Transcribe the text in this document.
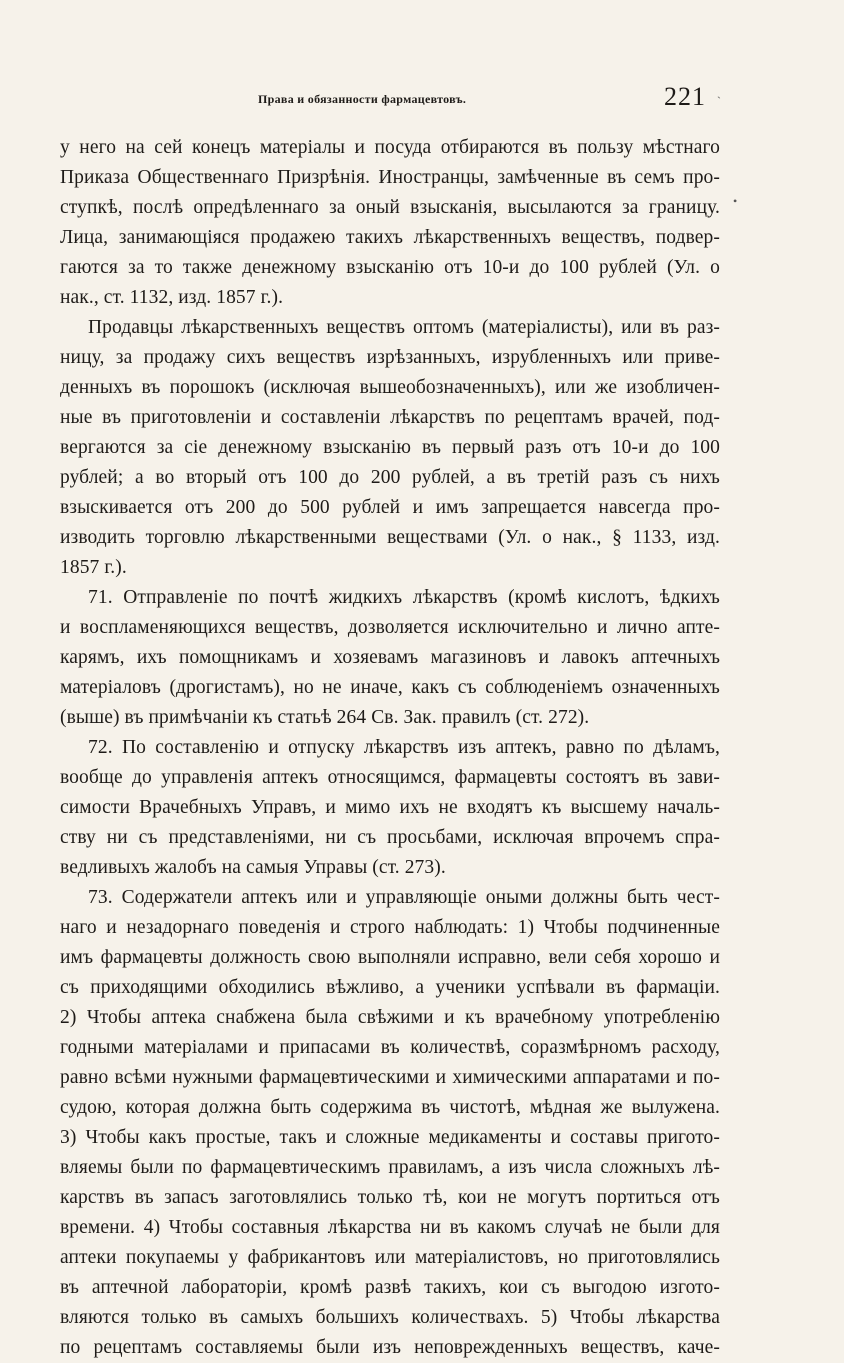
Права и обязанности фармацевтовъ.	221
у него на сей конецъ матеріалы и посуда отбираются въ пользу мѣстнаго
Приказа Общественнаго Призрѣнія. Иностранцы, замѣченные въ семъ про-
ступкѣ, послѣ опредѣленнаго за оный взысканія, высылаются за границу.
Лица, занимающіяся продажею такихъ лѣкарственныхъ веществъ, подвер-
гаются за то также денежному взысканію отъ 10-и до 100 рублей (Ул. о
нак., ст. 1132, изд. 1857 г.).
Продавцы лѣкарственныхъ веществъ оптомъ (матеріалисты), или въ раз-
ницу, за продажу сихъ веществъ изрѣзанныхъ, изрубленныхъ или приве-
денныхъ въ порошокъ (исключая вышеобозначенныхъ), или же изобличен-
ные въ приготовленіи и составленіи лѣкарствъ по рецептамъ врачей, под-
вергаются за сіе денежному взысканію въ первый разъ отъ 10-и до 100
рублей; а во вторый отъ 100 до 200 рублей, а въ третій разъ съ нихъ
взыскивается отъ 200 до 500 рублей и имъ запрещается навсегда про-
изводить торговлю лѣкарственными веществами (Ул. о нак., § 1133, изд.
1857 г.).
71. Отправленіе по почтѣ жидкихъ лѣкарствъ (кромѣ кислотъ, ѣдкихъ
и воспламеняющихся веществъ, дозволяется исключительно и лично апте-
карямъ, ихъ помощникамъ и хозяевамъ магазиновъ и лавокъ аптечныхъ
матеріаловъ (дрогистамъ), но не иначе, какъ съ соблюденіемъ означенныхъ
(выше) въ примѣчаніи къ статьѣ 264 Св. Зак. правилъ (ст. 272).
72. По составленію и отпуску лѣкарствъ изъ аптекъ, равно по дѣламъ,
вообще до управленія аптекъ относящимся, фармацевты состоятъ въ зави-
симости Врачебныхъ Управъ, и мимо ихъ не входятъ къ высшему началь-
ству ни съ представленіями, ни съ просьбами, исключая впрочемъ спра-
ведливыхъ жалобъ на самыя Управы (ст. 273).
73. Содержатели аптекъ или и управляющіе оными должны быть чест-
наго и незадорнаго поведенія и строго наблюдать: 1) Чтобы подчиненные
имъ фармацевты должность свою выполняли исправно, вели себя хорошо и
съ приходящими обходились вѣжливо, а ученики успѣвали въ фармаціи.
2) Чтобы аптека снабжена была свѣжими и къ врачебному употребленію
годными матеріалами и припасами въ количествѣ, соразмѣрномъ расходу,
равно всѣми нужными фармацевтическими и химическими аппаратами и по-
судою, которая должна быть содержима въ чистотѣ, мѣдная же вылужена.
3) Чтобы какъ простые, такъ и сложные медикаменты и составы пригото-
вляемы были по фармацевтическимъ правиламъ, а изъ числа сложныхъ лѣ-
карствъ въ запасъ заготовлялись только тѣ, кои не могутъ портиться отъ
времени. 4) Чтобы составныя лѣкарства ни въ какомъ случаѣ не были для
аптеки покупаемы у фабрикантовъ или матеріалистовъ, но приготовлялись
въ аптечной лабораторіи, кромѣ развѣ такихъ, кои съ выгодою изгото-
вляются только въ самыхъ большихъ количествахъ. 5) Чтобы лѣкарства
по рецептамъ составляемы были изъ неповрежденныхъ веществъ, каче-
`
•
